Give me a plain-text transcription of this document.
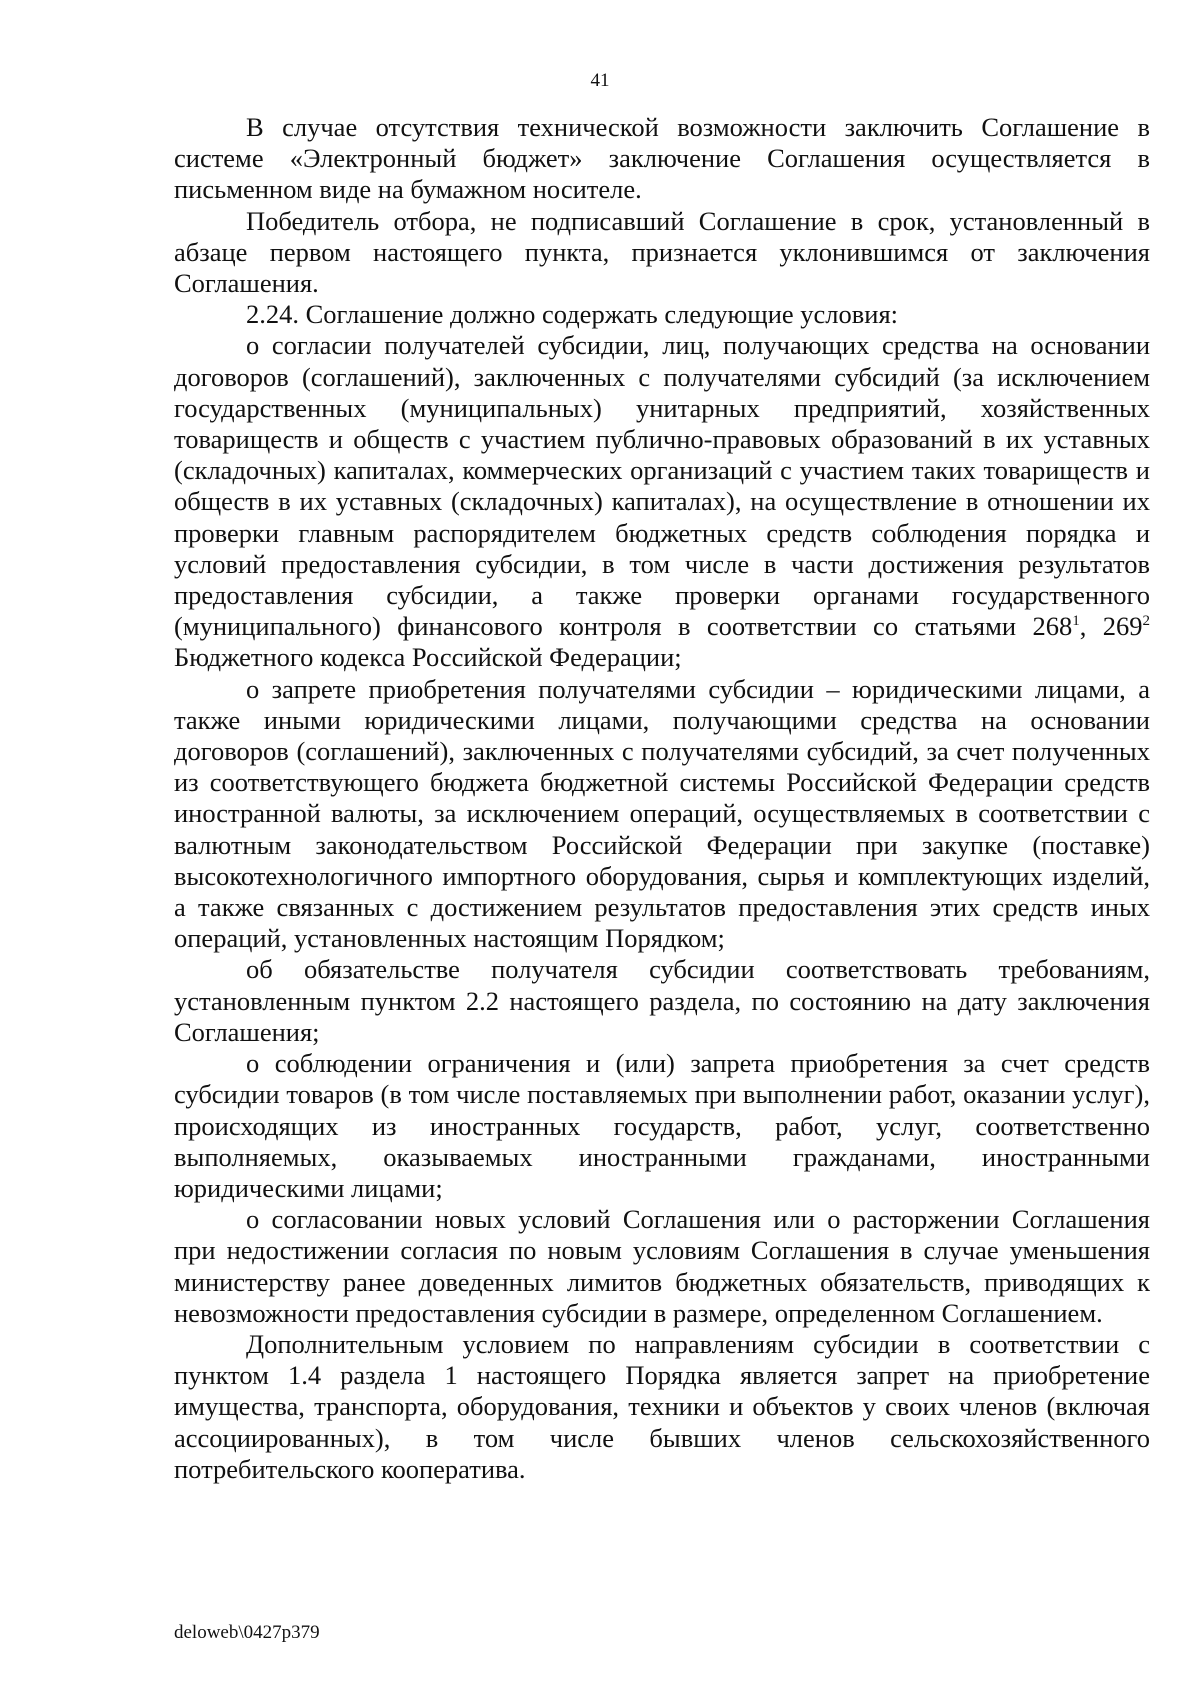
41

В случае отсутствия технической возможности заключить Соглашение в системе «Электронный бюджет» заключение Соглашения осуществляется в письменном виде на бумажном носителе.

Победитель отбора, не подписавший Соглашение в срок, установленный в абзаце первом настоящего пункта, признается уклонившимся от заключения Соглашения.

2.24. Соглашение должно содержать следующие условия:

о согласии получателей субсидии, лиц, получающих средства на основании договоров (соглашений), заключенных с получателями субсидий (за исключением государственных (муниципальных) унитарных предприятий, хозяйственных товариществ и обществ с участием публично-правовых образований в их уставных (складочных) капиталах, коммерческих организаций с участием таких товариществ и обществ в их уставных (складочных) капиталах), на осуществление в отношении их проверки главным распорядителем бюджетных средств соблюдения порядка и условий предоставления субсидии, в том числе в части достижения результатов предоставления субсидии, а также проверки органами государственного (муниципального) финансового контроля в соответствии со статьями $268^1$, $269^2$ Бюджетного кодекса Российской Федерации;

о запрете приобретения получателями субсидии – юридическими лицами, а также иными юридическими лицами, получающими средства на основании договоров (соглашений), заключенных с получателями субсидий, за счет полученных из соответствующего бюджета бюджетной системы Российской Федерации средств иностранной валюты, за исключением операций, осуществляемых в соответствии с валютным законодательством Российской Федерации при закупке (поставке) высокотехнологичного импортного оборудования, сырья и комплектующих изделий, а также связанных с достижением результатов предоставления этих средств иных операций, установленных настоящим Порядком;

об обязательстве получателя субсидии соответствовать требованиям, установленным пунктом 2.2 настоящего раздела, по состоянию на дату заключения Соглашения;

о соблюдении ограничения и (или) запрета приобретения за счет средств субсидии товаров (в том числе поставляемых при выполнении работ, оказании услуг), происходящих из иностранных государств, работ, услуг, соответственно выполняемых, оказываемых иностранными гражданами, иностранными юридическими лицами;

о согласовании новых условий Соглашения или о расторжении Соглашения при недостижении согласия по новым условиям Соглашения в случае уменьшения министерству ранее доведенных лимитов бюджетных обязательств, приводящих к невозможности предоставления субсидии в размере, определенном Соглашением.

Дополнительным условием по направлениям субсидии в соответствии с пунктом 1.4 раздела 1 настоящего Порядка является запрет на приобретение имущества, транспорта, оборудования, техники и объектов у своих членов (включая ассоциированных), в том числе бывших членов сельскохозяйственного потребительского кооператива.

deloweb\0427p379
